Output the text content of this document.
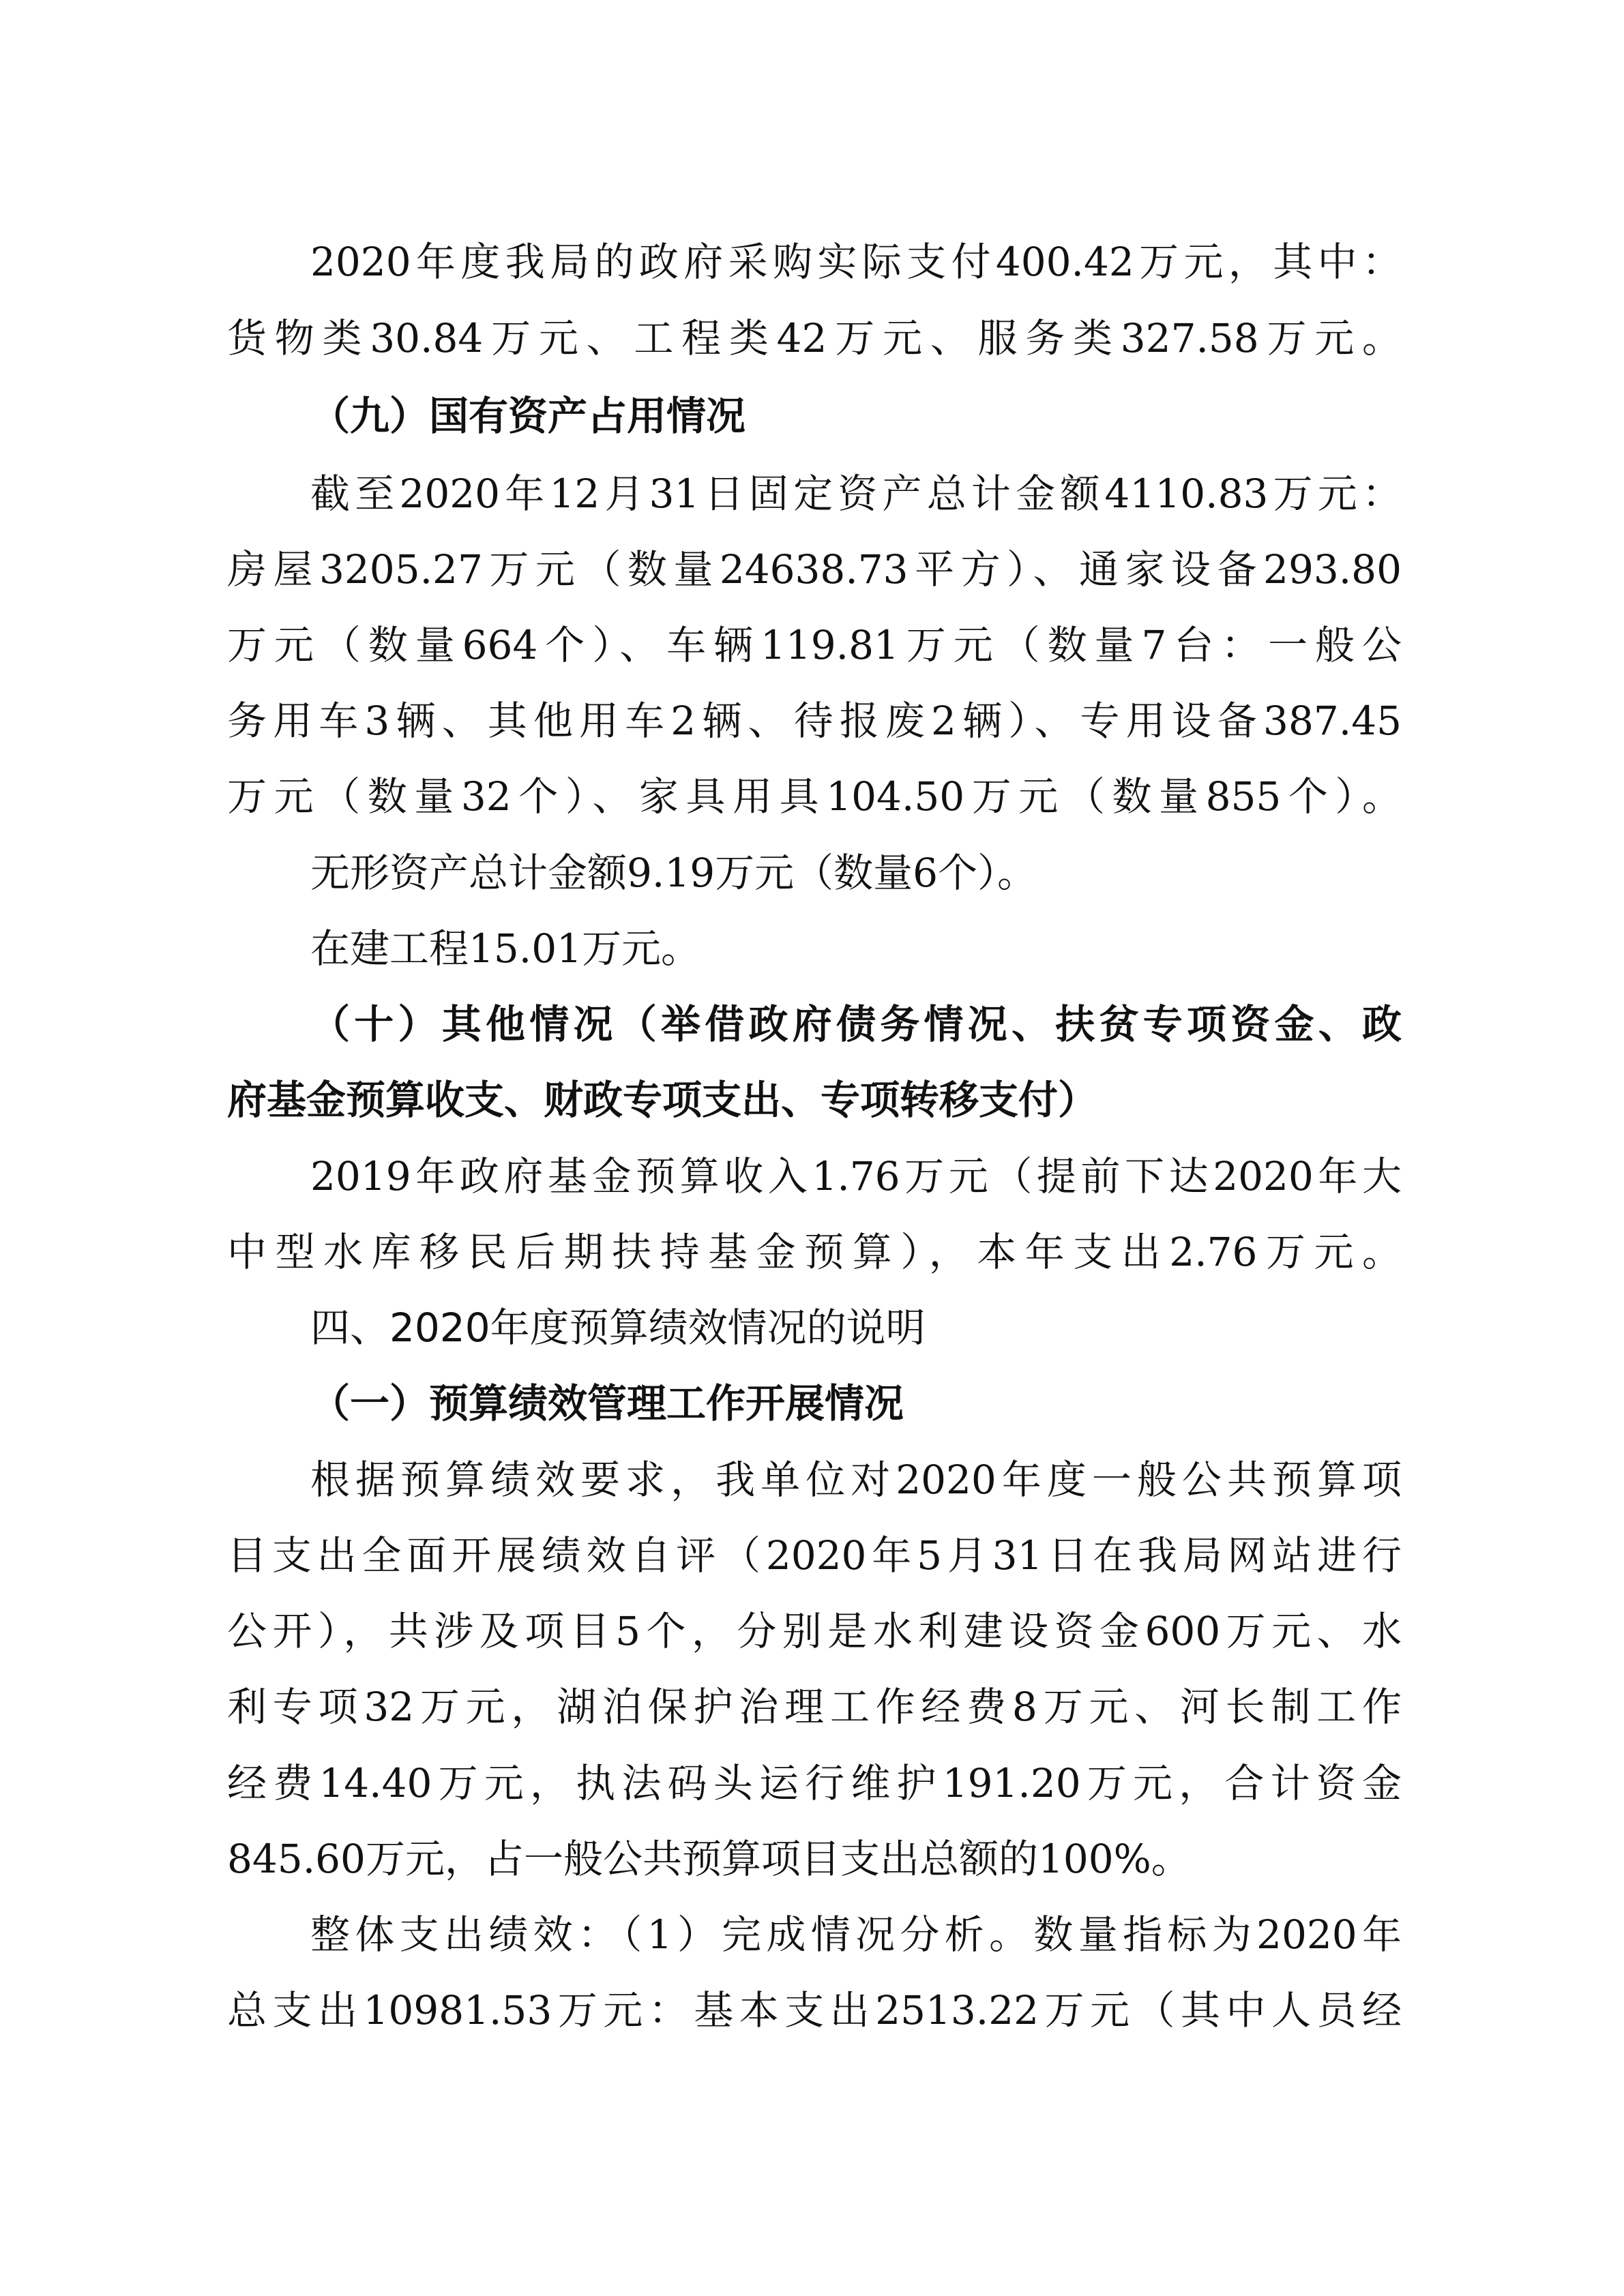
2020年度我局的政府采购实际支付400.42万元，其中：
货物类30.84万元、工程类42万元、服务类327.58万元。
（九）国有资产占用情况
截至2020年12月31日固定资产总计金额4110.83万元：
房屋3205.27万元（数量24638.73平方）、通家设备293.80
万元（数量664个）、车辆119.81万元（数量7台：一般公
务用车3辆、其他用车2辆、待报废2辆）、专用设备387.45
万元（数量32个）、家具用具104.50万元（数量855个）。
无形资产总计金额9.19万元（数量6个）。
在建工程15.01万元。
（十）其他情况（举借政府债务情况、扶贫专项资金、政
府基金预算收支、财政专项支出、专项转移支付）
2019年政府基金预算收入1.76万元（提前下达2020年大
中型水库移民后期扶持基金预算），本年支出2.76万元。
四、2020年度预算绩效情况的说明
（一）预算绩效管理工作开展情况
根据预算绩效要求，我单位对2020年度一般公共预算项
目支出全面开展绩效自评（2020年5月31日在我局网站进行
公开），共涉及项目5个，分别是水利建设资金600万元、水
利专项32万元，湖泊保护治理工作经费8万元、河长制工作
经费14.40万元，执法码头运行维护191.20万元，合计资金
845.60万元，占一般公共预算项目支出总额的100%。
整体支出绩效：（1）完成情况分析。数量指标为2020年
总支出10981.53万元：基本支出2513.22万元（其中人员经
